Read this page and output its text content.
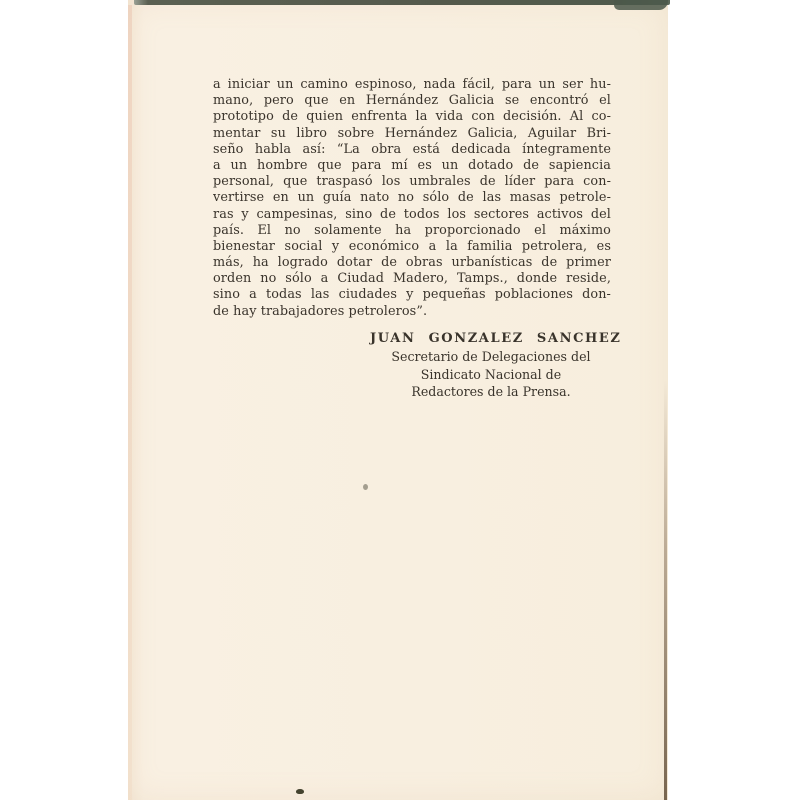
a iniciar un camino espinoso, nada fácil, para un ser hu-
mano, pero que en Hernández Galicia se encontró el
prototipo de quien enfrenta la vida con decisión. Al co-
mentar su libro sobre Hernández Galicia, Aguilar Bri-
seño habla así: “La obra está dedicada íntegramente
a un hombre que para mí es un dotado de sapiencia
personal, que traspasó los umbrales de líder para con-
vertirse en un guía nato no sólo de las masas petrole-
ras y campesinas, sino de todos los sectores activos del
país. El no solamente ha proporcionado el máximo
bienestar social y económico a la familia petrolera, es
más, ha logrado dotar de obras urbanísticas de primer
orden no sólo a Ciudad Madero, Tamps., donde reside,
sino a todas las ciudades y pequeñas poblaciones don-
de hay trabajadores petroleros”.
JUAN GONZALEZ SANCHEZ
Secretario de Delegaciones del
Sindicato Nacional de
Redactores de la Prensa.
